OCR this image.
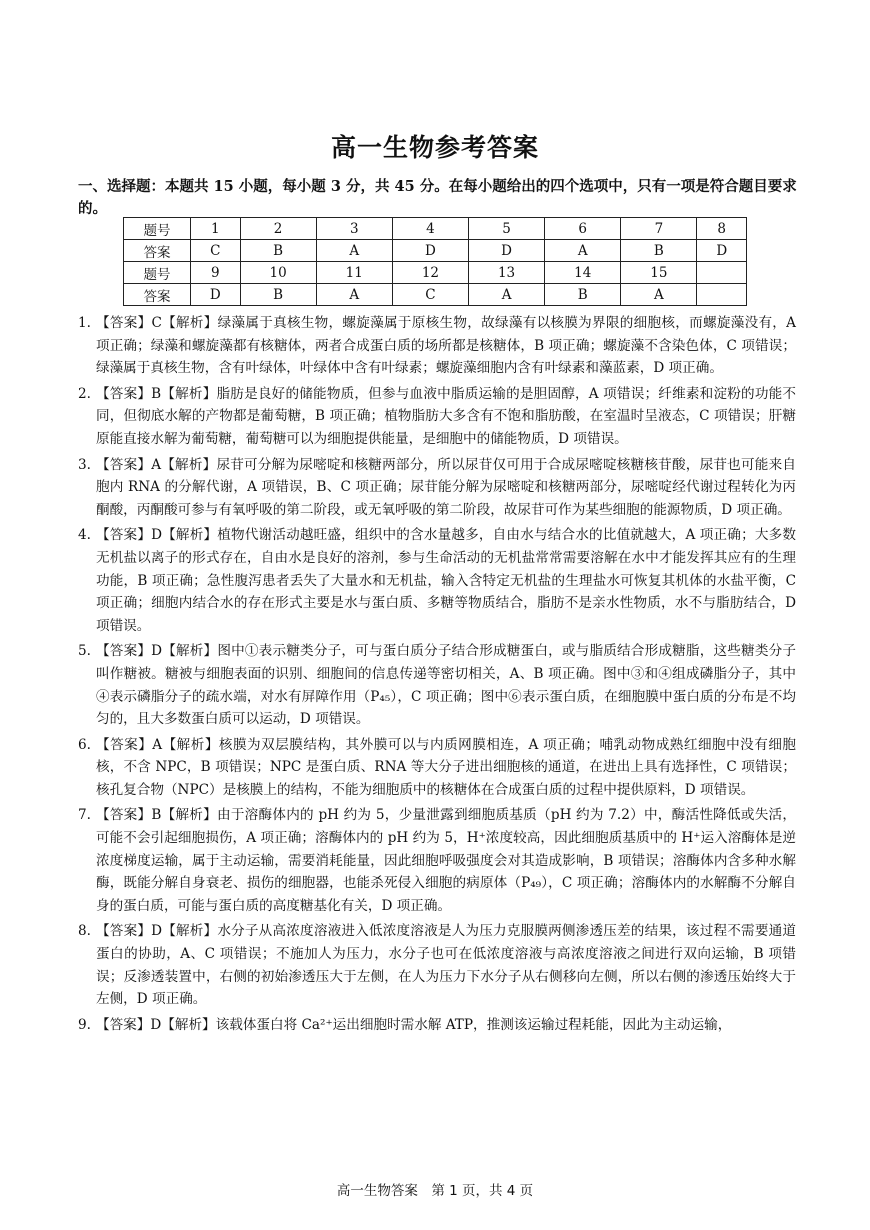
高一生物参考答案
一、选择题：本题共 15 小题，每小题 3 分，共 45 分。在每小题给出的四个选项中，只有一项是符合题目要求的。
题号	1	2	3	4	5	6	7	8
答案	C	B	A	D	D	A	B	D
题号	9	10	11	12	13	14	15	
答案	D	B	A	C	A	B	A	
1. 【答案】C【解析】绿藻属于真核生物，螺旋藻属于原核生物，故绿藻有以核膜为界限的细胞核，而螺旋藻没有，A 项正确；绿藻和螺旋藻都有核糖体，两者合成蛋白质的场所都是核糖体，B 项正确；螺旋藻不含染色体，C 项错误；绿藻属于真核生物，含有叶绿体，叶绿体中含有叶绿素；螺旋藻细胞内含有叶绿素和藻蓝素，D 项正确。
2. 【答案】B【解析】脂肪是良好的储能物质，但参与血液中脂质运输的是胆固醇，A 项错误；纤维素和淀粉的功能不同，但彻底水解的产物都是葡萄糖，B 项正确；植物脂肪大多含有不饱和脂肪酸，在室温时呈液态，C 项错误；肝糖原能直接水解为葡萄糖，葡萄糖可以为细胞提供能量，是细胞中的储能物质，D 项错误。
3. 【答案】A【解析】尿苷可分解为尿嘧啶和核糖两部分，所以尿苷仅可用于合成尿嘧啶核糖核苷酸，尿苷也可能来自胞内 RNA 的分解代谢，A 项错误，B、C 项正确；尿苷能分解为尿嘧啶和核糖两部分，尿嘧啶经代谢过程转化为丙酮酸，丙酮酸可参与有氧呼吸的第二阶段，或无氧呼吸的第二阶段，故尿苷可作为某些细胞的能源物质，D 项正确。
4. 【答案】D【解析】植物代谢活动越旺盛，组织中的含水量越多，自由水与结合水的比值就越大，A 项正确；大多数无机盐以离子的形式存在，自由水是良好的溶剂，参与生命活动的无机盐常常需要溶解在水中才能发挥其应有的生理功能，B 项正确；急性腹泻患者丢失了大量水和无机盐，输入含特定无机盐的生理盐水可恢复其机体的水盐平衡，C 项正确；细胞内结合水的存在形式主要是水与蛋白质、多糖等物质结合，脂肪不是亲水性物质，水不与脂肪结合，D 项错误。
5. 【答案】D【解析】图中①表示糖类分子，可与蛋白质分子结合形成糖蛋白，或与脂质结合形成糖脂，这些糖类分子叫作糖被。糖被与细胞表面的识别、细胞间的信息传递等密切相关，A、B 项正确。图中③和④组成磷脂分子，其中④表示磷脂分子的疏水端，对水有屏障作用（P₄₅），C 项正确；图中⑥表示蛋白质，在细胞膜中蛋白质的分布是不均匀的，且大多数蛋白质可以运动，D 项错误。
6. 【答案】A【解析】核膜为双层膜结构，其外膜可以与内质网膜相连，A 项正确；哺乳动物成熟红细胞中没有细胞核，不含 NPC，B 项错误；NPC 是蛋白质、RNA 等大分子进出细胞核的通道，在进出上具有选择性，C 项错误；核孔复合物（NPC）是核膜上的结构，不能为细胞质中的核糖体在合成蛋白质的过程中提供原料，D 项错误。
7. 【答案】B【解析】由于溶酶体内的 pH 约为 5，少量泄露到细胞质基质（pH 约为 7.2）中，酶活性降低或失活，可能不会引起细胞损伤，A 项正确；溶酶体内的 pH 约为 5，H⁺浓度较高，因此细胞质基质中的 H⁺运入溶酶体是逆浓度梯度运输，属于主动运输，需要消耗能量，因此细胞呼吸强度会对其造成影响，B 项错误；溶酶体内含多种水解酶，既能分解自身衰老、损伤的细胞器，也能杀死侵入细胞的病原体（P₄₉），C 项正确；溶酶体内的水解酶不分解自身的蛋白质，可能与蛋白质的高度糖基化有关，D 项正确。
8. 【答案】D【解析】水分子从高浓度溶液进入低浓度溶液是人为压力克服膜两侧渗透压差的结果，该过程不需要通道蛋白的协助，A、C 项错误；不施加人为压力，水分子也可在低浓度溶液与高浓度溶液之间进行双向运输，B 项错误；反渗透装置中，右侧的初始渗透压大于左侧，在人为压力下水分子从右侧移向左侧，所以右侧的渗透压始终大于左侧，D 项正确。
9. 【答案】D【解析】该载体蛋白将 Ca²⁺运出细胞时需水解 ATP，推测该运输过程耗能，因此为主动运输，
高一生物答案　第 1 页，共 4 页
